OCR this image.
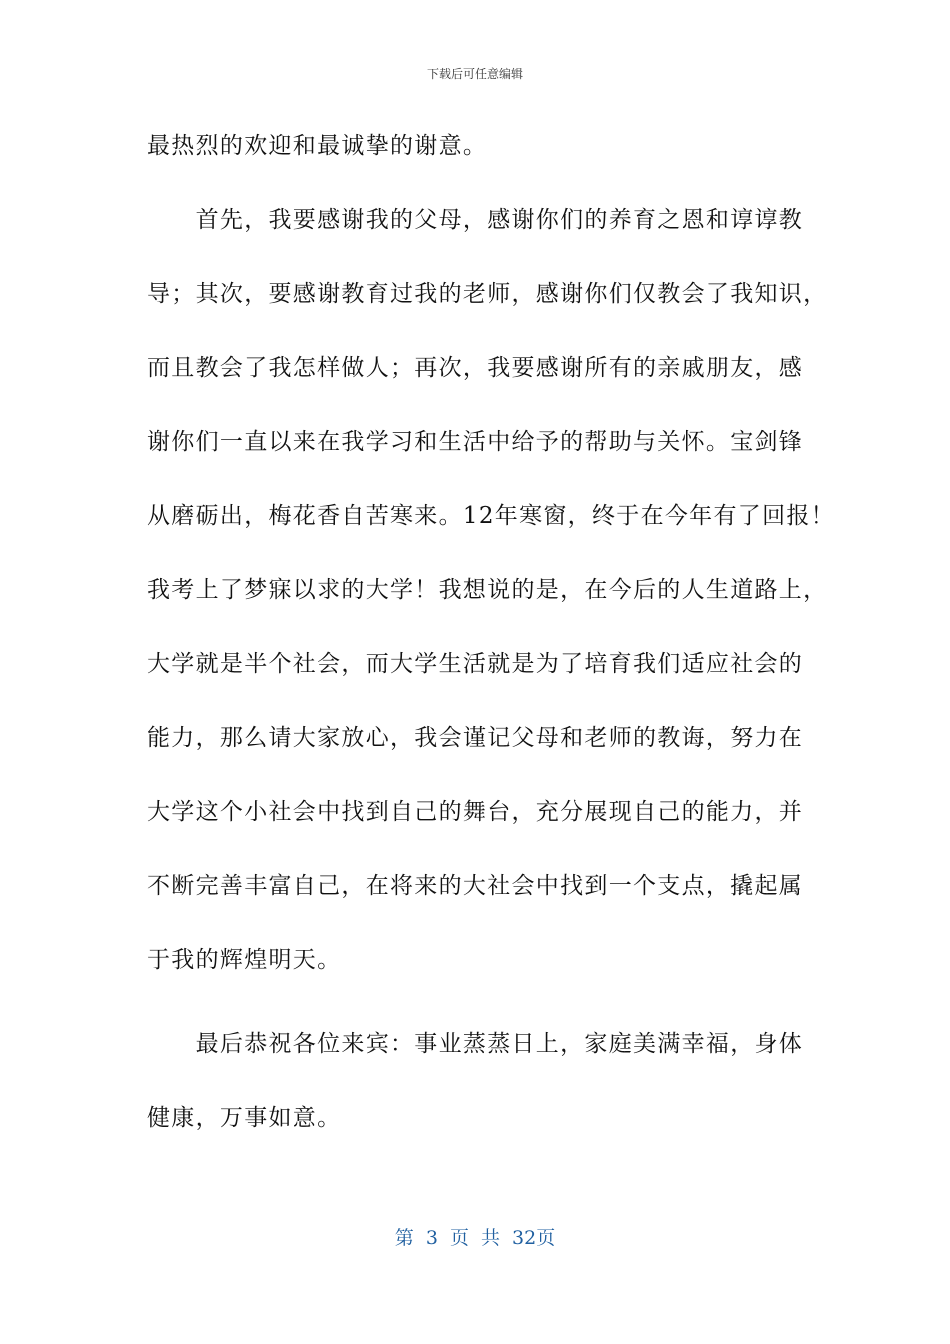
下载后可任意编辑
最热烈的欢迎和最诚挚的谢意。
　　首先，我要感谢我的父母，感谢你们的养育之恩和谆谆教
导；其次，要感谢教育过我的老师，感谢你们仅教会了我知识，
而且教会了我怎样做人；再次，我要感谢所有的亲戚朋友，感
谢你们一直以来在我学习和生活中给予的帮助与关怀。宝剑锋
从磨砺出，梅花香自苦寒来。12年寒窗，终于在今年有了回报！
我考上了梦寐以求的大学！我想说的是，在今后的人生道路上，
大学就是半个社会，而大学生活就是为了培育我们适应社会的
能力，那么请大家放心，我会谨记父母和老师的教诲，努力在
大学这个小社会中找到自己的舞台，充分展现自己的能力，并
不断完善丰富自己，在将来的大社会中找到一个支点，撬起属
于我的辉煌明天。
　　最后恭祝各位来宾：事业蒸蒸日上，家庭美满幸福，身体
健康，万事如意。
第 3 页 共 32页
